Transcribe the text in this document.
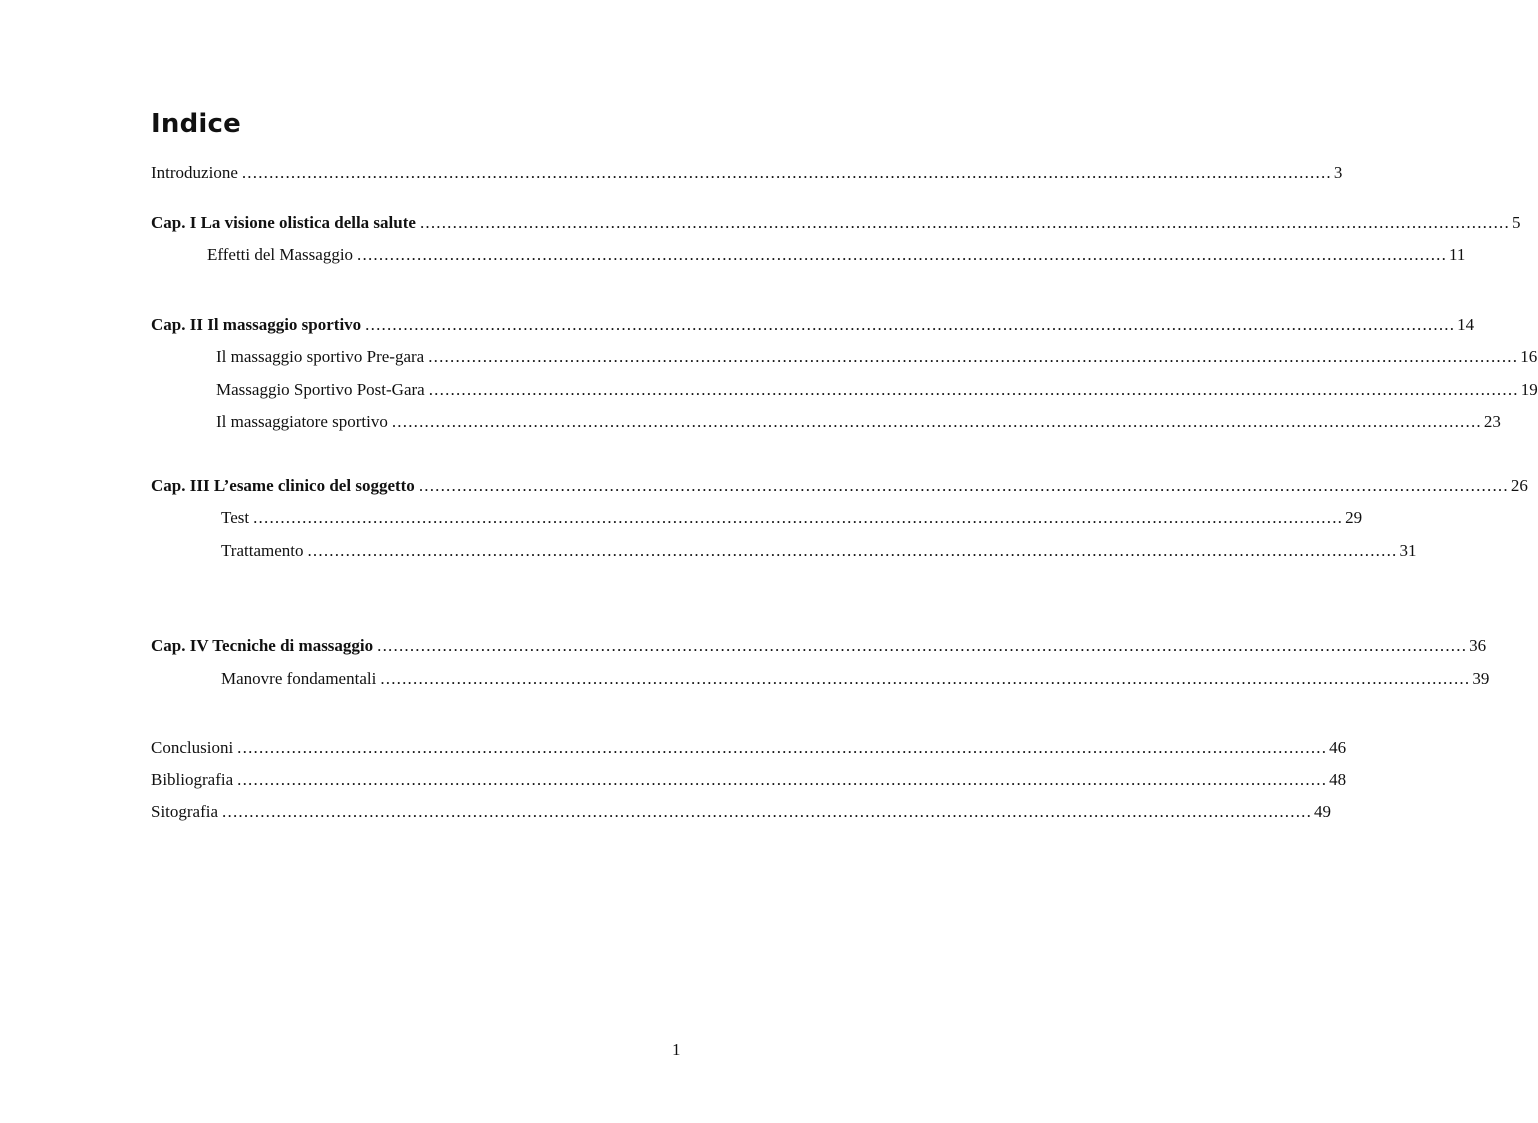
Indice
Introduzione ........................................................................................................................................................................................................ 3
Cap. I La visione olistica della salute ........................................................................................................................................................................................................ 5
Effetti del Massaggio ........................................................................................................................................................................................................ 11
Cap. II Il massaggio sportivo ........................................................................................................................................................................................................ 14
Il massaggio sportivo Pre-gara ........................................................................................................................................................................................................ 16
Massaggio Sportivo Post-Gara ........................................................................................................................................................................................................ 19
Il massaggiatore sportivo ........................................................................................................................................................................................................ 23
Cap. III L’esame clinico del soggetto ........................................................................................................................................................................................................ 26
Test ........................................................................................................................................................................................................ 29
Trattamento ........................................................................................................................................................................................................ 31
Cap. IV Tecniche di massaggio ........................................................................................................................................................................................................ 36
Manovre fondamentali ........................................................................................................................................................................................................ 39
Conclusioni ........................................................................................................................................................................................................ 46
Bibliografia ........................................................................................................................................................................................................ 48
Sitografia ........................................................................................................................................................................................................ 49
1
